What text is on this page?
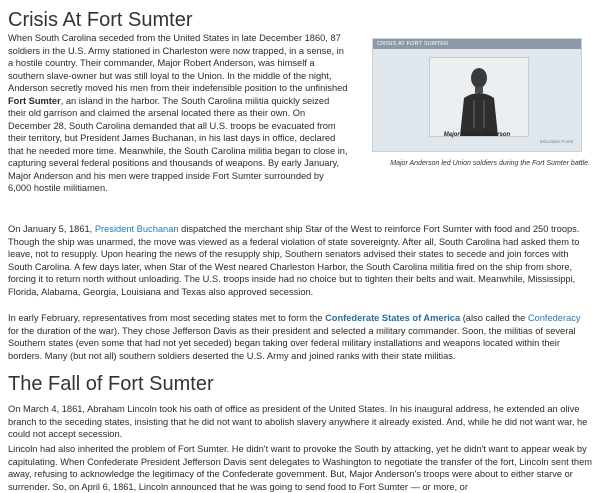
Crisis At Fort Sumter
CRISIS AT FORT SUMTER
Major Robert Anderson
Education Portal
Major Anderson led Union soldiers during the Fort Sumter battle.
When South Carolina seceded from the United States in late December 1860, 87 soldiers in the U.S. Army stationed in Charleston were now trapped, in a sense, in a hostile country. Their commander, Major Robert Anderson, was himself a southern slave-owner but was still loyal to the Union. In the middle of the night, Anderson secretly moved his men from their indefensible position to the unfinished Fort Sumter, an island in the harbor. The South Carolina militia quickly seized their old garrison and claimed the arsenal located there as their own. On December 28, South Carolina demanded that all U.S. troops be evacuated from their territory, but President James Buchanan, in his last days in office, declared that he needed more time. Meanwhile, the South Carolina militia began to close in, capturing several federal positions and thousands of weapons. By early January, Major Anderson and his men were trapped inside Fort Sumter surrounded by 6,000 hostile militiamen.
On January 5, 1861, President Buchanan dispatched the merchant ship Star of the West to reinforce Fort Sumter with food and 250 troops. Though the ship was unarmed, the move was viewed as a federal violation of state sovereignty. After all, South Carolina had asked them to leave, not to resupply. Upon hearing the news of the resupply ship, Southern senators advised their states to secede and join forces with South Carolina. A few days later, when Star of the West neared Charleston Harbor, the South Carolina militia fired on the ship from shore, forcing it to return north without unloading. The U.S. troops inside had no choice but to tighten their belts and wait. Meanwhile, Mississippi, Florida, Alabama, Georgia, Louisiana and Texas also approved secession.
In early February, representatives from most seceding states met to form the Confederate States of America (also called the Confederacy for the duration of the war). They chose Jefferson Davis as their president and selected a military commander. Soon, the militias of several Southern states (even some that had not yet seceded) began taking over federal military installations and weapons located within their borders. Many (but not all) southern soldiers deserted the U.S. Army and joined ranks with their state militias.
The Fall of Fort Sumter
On March 4, 1861, Abraham Lincoln took his oath of office as president of the United States. In his inaugural address, he extended an olive branch to the seceding states, insisting that he did not want to abolish slavery anywhere it already existed. And, while he did not want war, he could not accept secession.
Lincoln had also inherited the problem of Fort Sumter. He didn't want to provoke the South by attacking, yet he didn't want to appear weak by capitulating. When Confederate President Jefferson Davis sent delegates to Washington to negotiate the transfer of the fort, Lincoln sent them away, refusing to acknowledge the legitimacy of the Confederate government. But, Major Anderson's troops were about to either starve or surrender. So, on April 6, 1861, Lincoln announced that he was going to send food to Fort Sumter — or more, or
